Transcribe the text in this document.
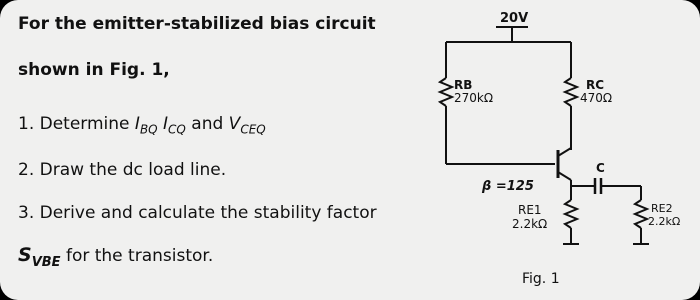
For the emitter-stabilized bias circuit
shown in Fig. 1,
1. Determine $I_{BQ}$ $I_{CQ}$ and $V_{CEQ}$
2. Draw the dc load line.
3. Derive and calculate the stability factor
$S_{VBE}$ for the transistor.
20V
RB
270kΩ
RC
470Ω
C
β =125
RE1
2.2kΩ
RE2
2.2kΩ
Fig. 1
